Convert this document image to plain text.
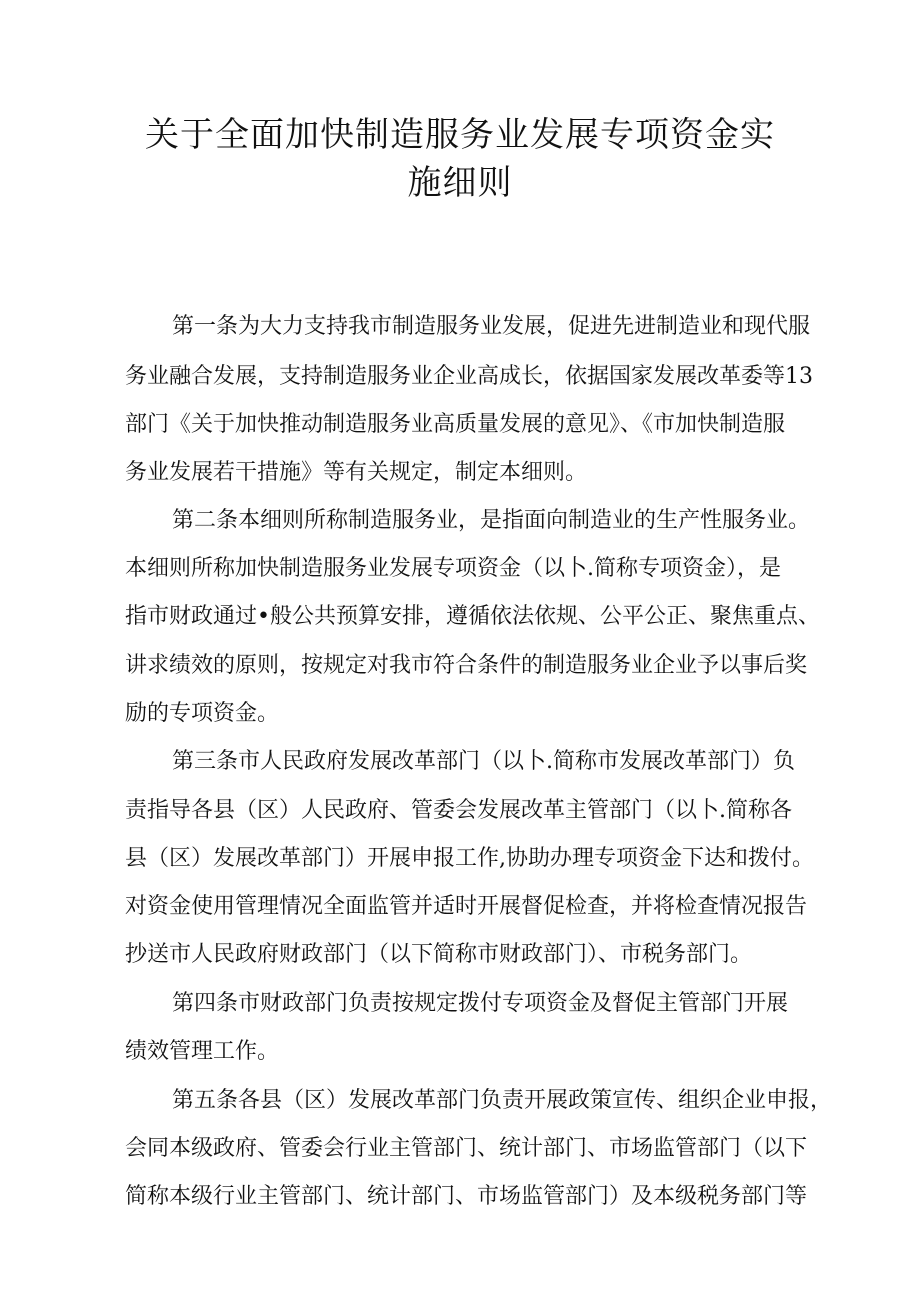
关于全面加快制造服务业发展专项资金实
施细则

第一条为大力支持我市制造服务业发展，促进先进制造业和现代服

务业融合发展，支持制造服务业企业高成长，依据国家发展改革委等13

部门《关于加快推动制造服务业高质量发展的意见》、《市加快制造服

务业发展若干措施》等有关规定，制定本细则。

第二条本细则所称制造服务业，是指面向制造业的生产性服务业。

本细则所称加快制造服务业发展专项资金（以卜.简称专项资金），是

指市财政通过•般公共预算安排，遵循依法依规、公平公正、聚焦重点、

讲求绩效的原则，按规定对我市符合条件的制造服务业企业予以事后奖

励的专项资金。

第三条市人民政府发展改革部门（以卜.简称市发展改革部门）负

责指导各县（区）人民政府、管委会发展改革主管部门（以卜.简称各

县（区）发展改革部门）开展申报工作,协助办理专项资金下达和拨付。

对资金使用管理情况全面监管并适时开展督促检查，并将检查情况报告

抄送市人民政府财政部门（以下简称市财政部门）、市税务部门。

第四条市财政部门负责按规定拨付专项资金及督促主管部门开展

绩效管理工作。

第五条各县（区）发展改革部门负责开展政策宣传、组织企业申报，

会同本级政府、管委会行业主管部门、统计部门、市场监管部门（以下

简称本级行业主管部门、统计部门、市场监管部门）及本级税务部门等
